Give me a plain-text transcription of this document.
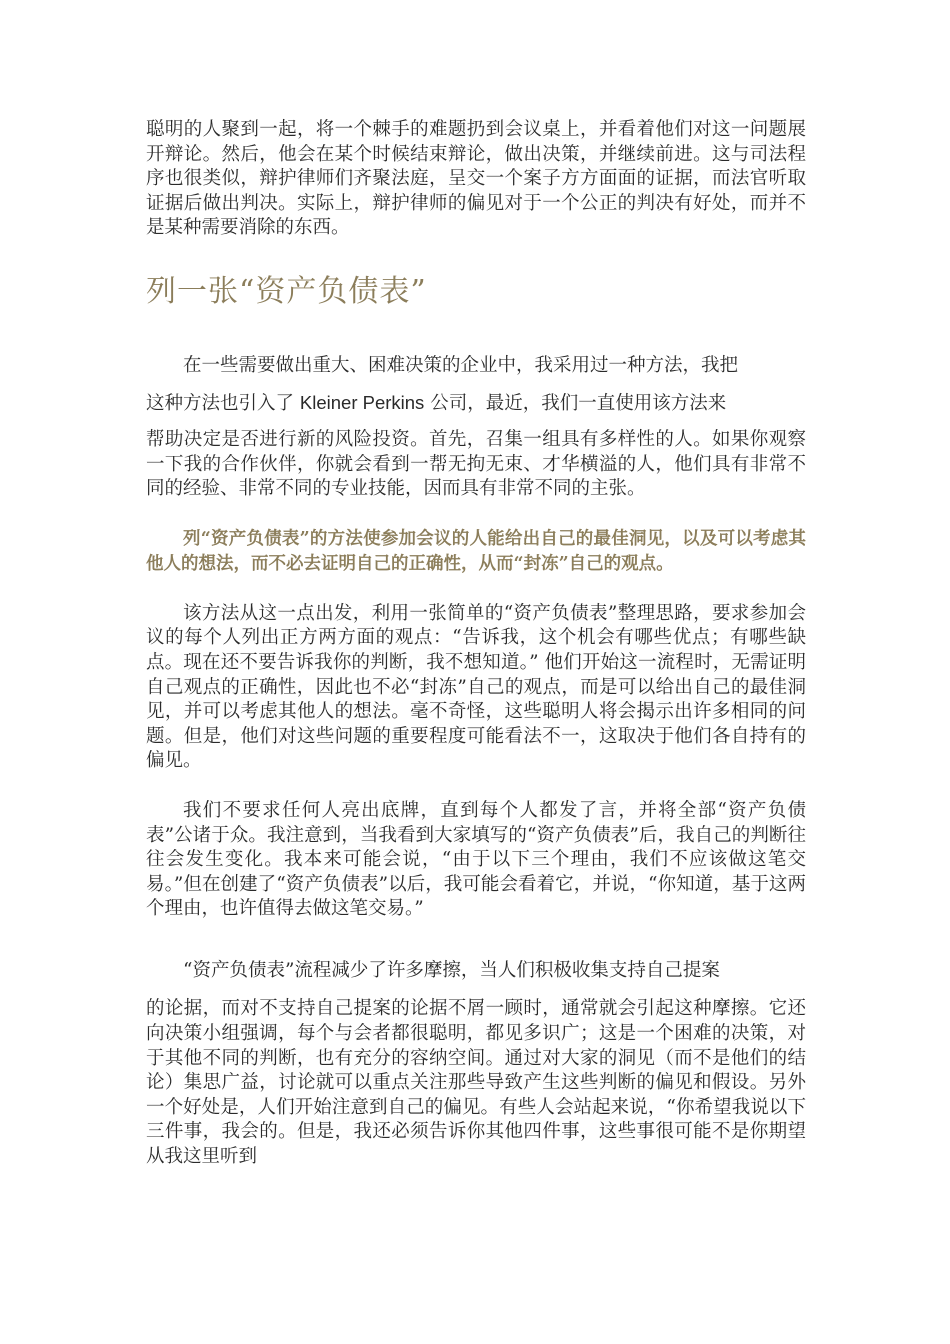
聪明的人聚到一起，将一个棘手的难题扔到会议桌上，并看着他们对这一问题展开辩论。然后，他会在某个时候结束辩论，做出决策，并继续前进。这与司法程序也很类似，辩护律师们齐聚法庭，呈交一个案子方方面面的证据，而法官听取证据后做出判决。实际上，辩护律师的偏见对于一个公正的判决有好处，而并不是某种需要消除的东西。

列一张“资产负债表”

在一些需要做出重大、困难决策的企业中，我采用过一种方法，我把
这种方法也引入了 Kleiner Perkins 公司，最近，我们一直使用该方法来
帮助决定是否进行新的风险投资。首先，召集一组具有多样性的人。如果你观察一下我的合作伙伴，你就会看到一帮无拘无束、才华横溢的人，他们具有非常不同的经验、非常不同的专业技能，因而具有非常不同的主张。

列“资产负债表”的方法使参加会议的人能给出自己的最佳洞见，以及可以考虑其他人的想法，而不必去证明自己的正确性，从而“封冻”自己的观点。

该方法从这一点出发，利用一张简单的“资产负债表”整理思路，要求参加会议的每个人列出正方两方面的观点：“告诉我，这个机会有哪些优点；有哪些缺点。现在还不要告诉我你的判断，我不想知道。” 他们开始这一流程时，无需证明自己观点的正确性，因此也不必“封冻”自己的观点，而是可以给出自己的最佳洞见，并可以考虑其他人的想法。毫不奇怪，这些聪明人将会揭示出许多相同的问题。但是，他们对这些问题的重要程度可能看法不一，这取决于他们各自持有的偏见。

我们不要求任何人亮出底牌，直到每个人都发了言，并将全部“资产负债表”公诸于众。我注意到，当我看到大家填写的“资产负债表”后，我自己的判断往往会发生变化。我本来可能会说，“由于以下三个理由，我们不应该做这笔交易。”但在创建了“资产负债表”以后，我可能会看着它，并说，“你知道，基于这两个理由，也许值得去做这笔交易。”

“资产负债表”流程减少了许多摩擦，当人们积极收集支持自己提案
的论据，而对不支持自己提案的论据不屑一顾时，通常就会引起这种摩擦。它还向决策小组强调，每个与会者都很聪明，都见多识广；这是一个困难的决策，对于其他不同的判断，也有充分的容纳空间。通过对大家的洞见（而不是他们的结论）集思广益，讨论就可以重点关注那些导致产生这些判断的偏见和假设。另外一个好处是，人们开始注意到自己的偏见。有些人会站起来说，“你希望我说以下三件事，我会的。但是，我还必须告诉你其他四件事，这些事很可能不是你期望从我这里听到
